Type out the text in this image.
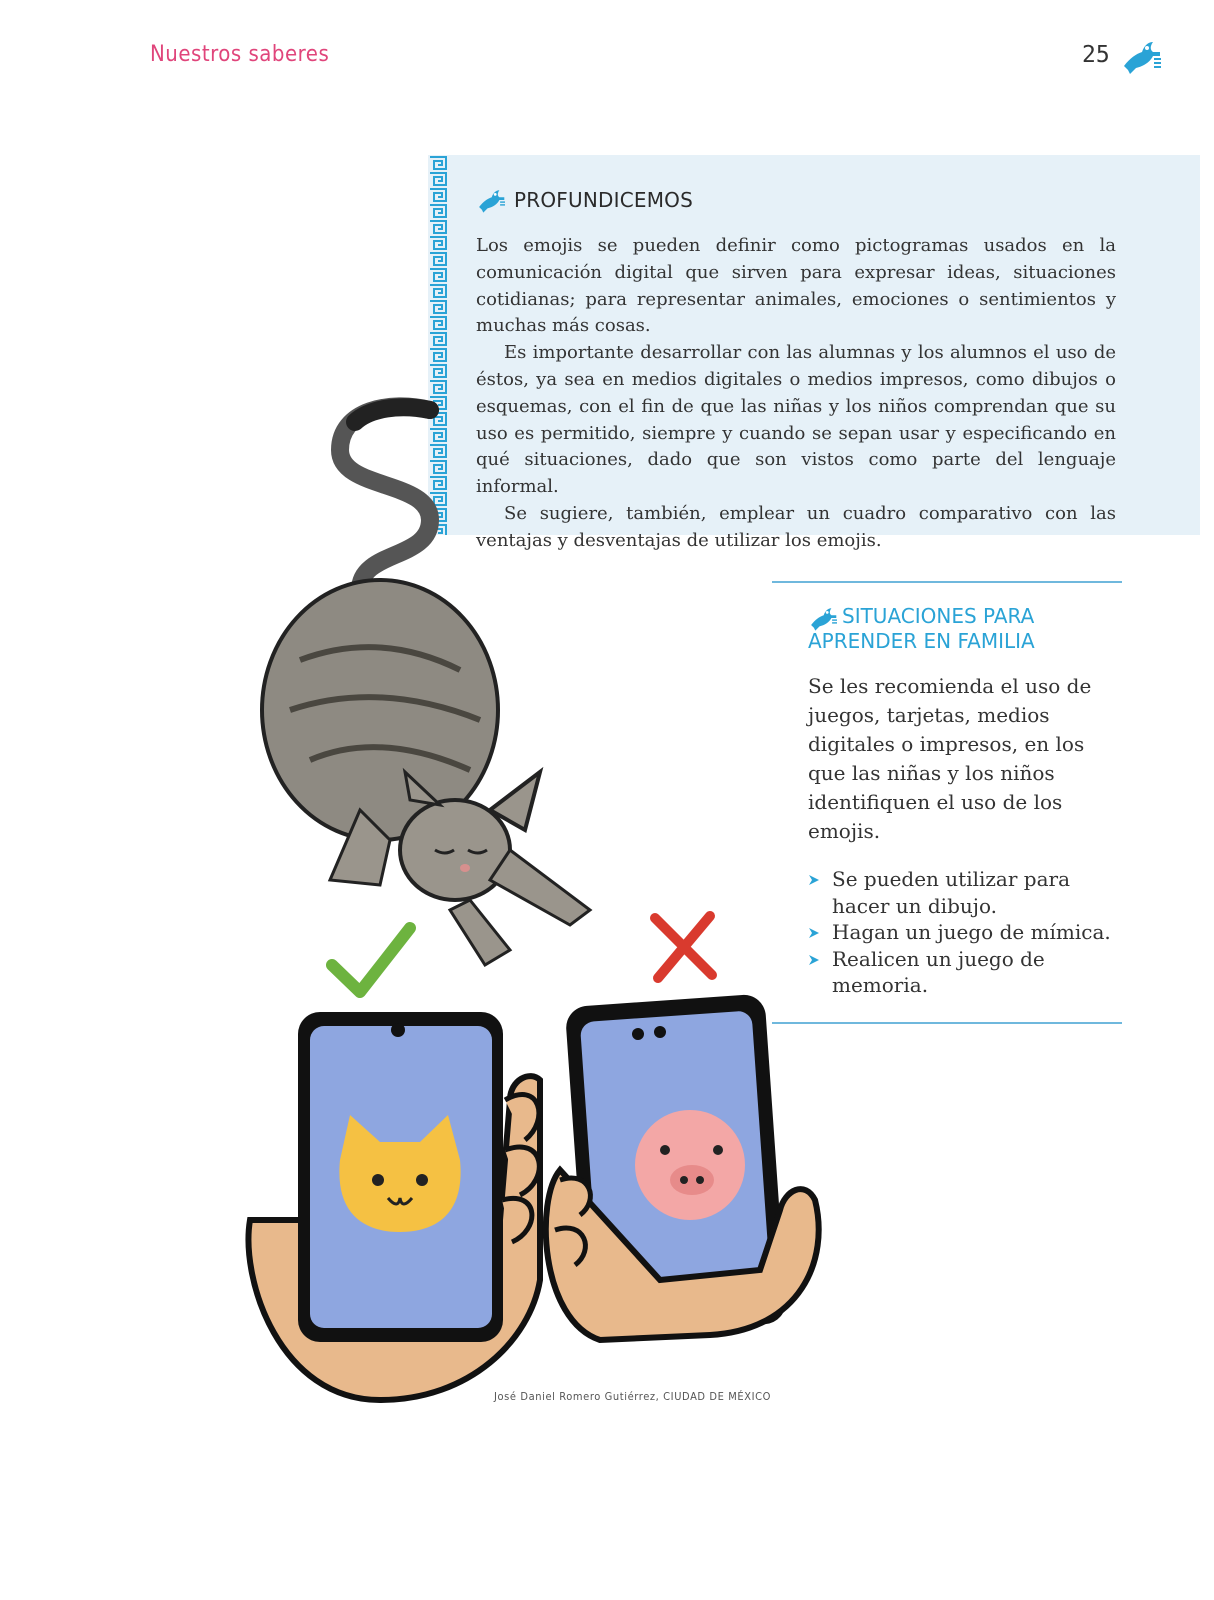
Nuestros saberes	25
PROFUNDICEMOS

Los emojis se pueden definir como pictogramas usados en la comunicación digital que sirven para expresar ideas, situaciones cotidianas; para representar animales, emociones o sentimientos y muchas más cosas.

Es importante desarrollar con las alumnas y los alumnos el uso de éstos, ya sea en medios digitales o medios impresos, como dibujos o esquemas, con el fin de que las niñas y los niños comprendan que su uso es permitido, siempre y cuando se sepan usar y especificando en qué situaciones, dado que son vistos como parte del lenguaje informal.

Se sugiere, también, emplear un cuadro comparativo con las ventajas y desventajas de utilizar los emojis.

José Daniel Romero Gutiérrez, CIUDAD DE MÉXICO
SITUACIONES PARA APRENDER EN FAMILIA
Se les recomienda el uso de juegos, tarjetas, medios digitales o impresos, en los que las niñas y los niños identifiquen el uso de los emojis.
Se pueden utilizar para hacer un dibujo.
Hagan un juego de mímica.
Realicen un juego de memoria.
